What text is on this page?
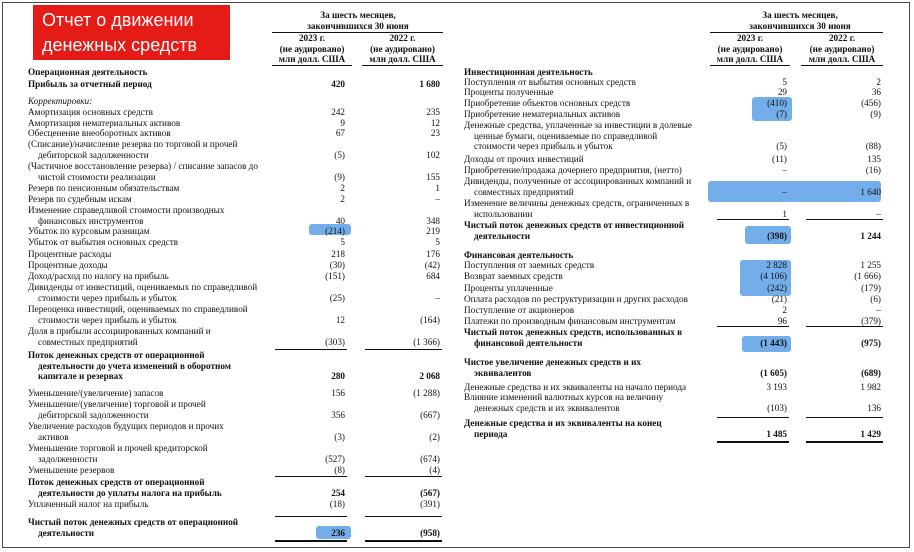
Отчет о движении
денежных средств
За шесть месяцев,
закончившихся 30 июня
2023 г.
(не аудировано)
млн долл. США
2022 г.
(не аудировано)
млн долл. США
За шесть месяцев,
закончившихся 30 июня
2023 г.
(не аудировано)
млн долл. США
2022 г.
(не аудировано)
млн долл. США
Операционная деятельность
Прибыль за отчетный период	420	1 680
Корректировки:
Амортизация основных средств	242	235
Амортизация нематериальных активов	9	12
Обесценение внеоборотных активов	67	23
(Списание)/начисление резерва по торговой и прочей
дебиторской задолженности	(5)	102
(Частичное восстановление резерва) / списание запасов до
чистой стоимости реализации	(9)	155
Резерв по пенсионным обязательствам	2	1
Резерв по судебным искам	2	–
Изменение справедливой стоимости производных
финансовых инструментов	40	348
Убыток по курсовым разницам	(214)	219
Убыток от выбытия основных средств	5	5
Процентные расходы	218	176
Процентные доходы	(30)	(42)
Доход/расход по налогу на прибыль	(151)	684
Дивиденды от инвестиций, оцениваемых по справедливой
стоимости через прибыль и убыток	(25)	–
Переоценка инвестиций, оцениваемых по справедливой
стоимости через прибыль и убыток	12	(164)
Доля в прибыли ассоциированных компаний и
совместных предприятий	(303)	(1 366)
Поток денежных средств от операционной
деятельности до учета изменений в оборотном
капитале и резервах	280	2 068
Уменьшение/(увеличение) запасов	156	(1 288)
Уменьшение/(увеличение) торговой и прочей
дебиторской задолженности	356	(667)
Увеличение расходов будущих периодов и прочих
активов	(3)	(2)
Уменьшение торговой и прочей кредиторской
задолженности	(527)	(674)
Уменьшение резервов	(8)	(4)
Поток денежных средств от операционной
деятельности до уплаты налога на прибыль	254	(567)
Уплаченный налог на прибыль	(18)	(391)
Чистый поток денежных средств от операционной
деятельности	236	(958)
Инвестиционная деятельность
Поступления от выбытия основных средств	5	2
Проценты полученные	29	36
Приобретение объектов основных средств	(410)	(456)
Приобретение нематериальных активов	(7)	(9)
Денежные средства, уплаченные за инвестиции в долевые
ценные бумаги, оцениваемые по справедливой
стоимости через прибыль и убыток	(5)	(88)
Доходы от прочих инвестиций	(11)	135
Приобретение/продажа дочернего предприятия, (нетто)	–	(16)
Дивиденды, полученные от ассоциированных компаний и
совместных предприятий	–	1 640
Изменение величины денежных средств, ограниченных в
использовании	1	–
Чистый поток денежных средств от инвестиционной
деятельности	(398)	1 244
Финансовая деятельность
Поступления от заемных средств	2 828	1 255
Возврат заемных средств	(4 106)	(1 666)
Проценты уплаченные	(242)	(179)
Оплата расходов по реструктуризации и других расходов	(21)	(6)
Поступление от акционеров	2	–
Платежи по производным финансовым инструментам	96	(379)
Чистый поток денежных средств, использованных в
финансовой деятельности	(1 443)	(975)
Чистое увеличение денежных средств и их
эквивалентов	(1 605)	(689)
Денежные средства и их эквиваленты на начало периода	3 193	1 982
Влияние изменений валютных курсов на величину
денежных средств и их эквивалентов	(103)	136
Денежные средства и их эквиваленты на конец
периода	1 485	1 429
